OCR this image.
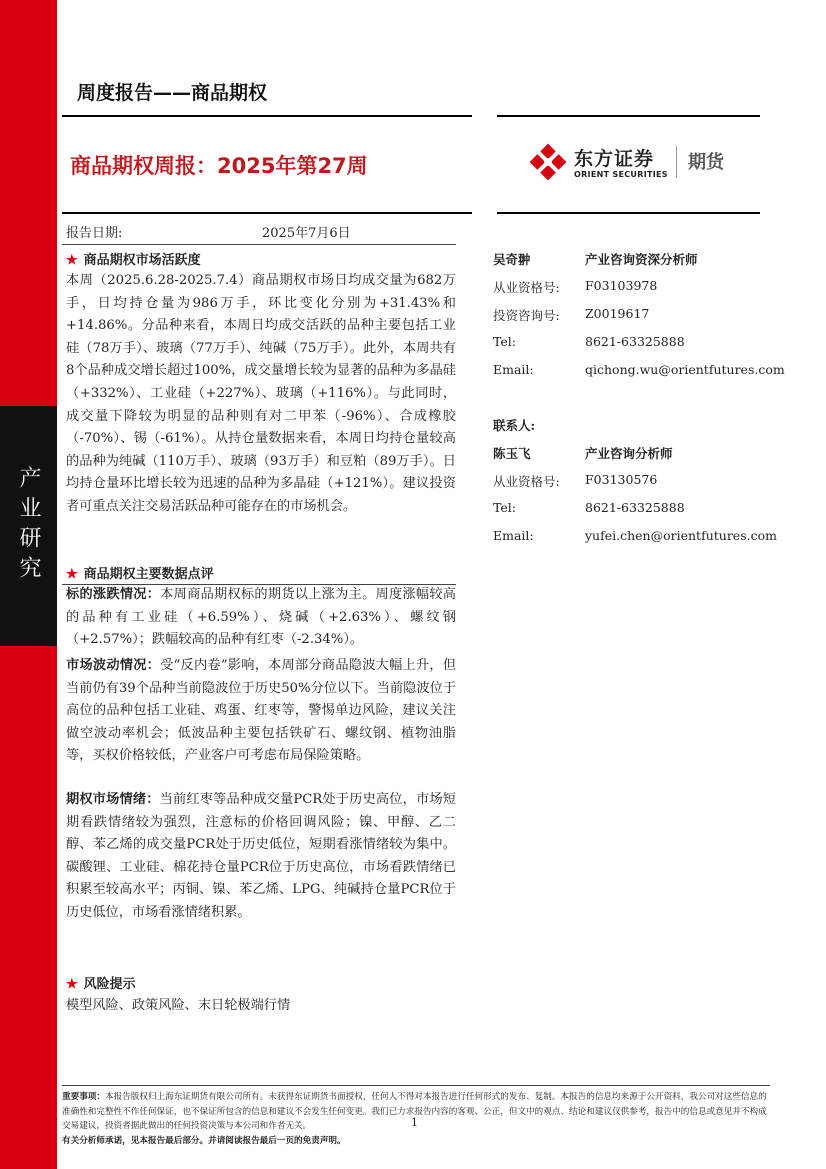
产业研究
周度报告——商品期权
商品期权周报：2025年第27周	东方证券
ORIENT SECURITIES
期货
报告日期:	2025年7月6日
★ 商品期权市场活跃度
本周（2025.6.28-2025.7.4）商品期权市场日均成交量为682万手，日均持仓量为986万手，环比变化分别为+31.43%和+14.86%。分品种来看，本周日均成交活跃的品种主要包括工业硅（78万手）、玻璃（77万手）、纯碱（75万手）。此外，本周共有8个品种成交增长超过100%，成交量增长较为显著的品种为多晶硅（+332%）、工业硅（+227%）、玻璃（+116%）。与此同时，成交量下降较为明显的品种则有对二甲苯（-96%）、合成橡胶（-70%）、锡（-61%）。从持仓量数据来看，本周日均持仓量较高的品种为纯碱（110万手）、玻璃（93万手）和豆粕（89万手）。日均持仓量环比增长较为迅速的品种为多晶硅（+121%）。建议投资者可重点关注交易活跃品种可能存在的市场机会。
★ 商品期权主要数据点评
标的涨跌情况：本周商品期权标的期货以上涨为主。周度涨幅较高的品种有工业硅（+6.59%）、烧碱（+2.63%）、螺纹钢（+2.57%）；跌幅较高的品种有红枣（-2.34%）。
市场波动情况：受“反内卷”影响，本周部分商品隐波大幅上升，但当前仍有39个品种当前隐波位于历史50%分位以下。当前隐波位于高位的品种包括工业硅、鸡蛋、红枣等，警惕单边风险，建议关注做空波动率机会；低波品种主要包括铁矿石、螺纹钢、植物油脂等，买权价格较低，产业客户可考虑布局保险策略。
期权市场情绪：当前红枣等品种成交量PCR处于历史高位，市场短期看跌情绪较为强烈，注意标的价格回调风险；镍、甲醇、乙二醇、苯乙烯的成交量PCR处于历史低位，短期看涨情绪较为集中。碳酸锂、工业硅、棉花持仓量PCR位于历史高位，市场看跌情绪已积累至较高水平；丙铜、镍、苯乙烯、LPG、纯碱持仓量PCR位于历史低位，市场看涨情绪积累。
★ 风险提示
模型风险、政策风险、末日轮极端行情
吴奇翀	产业咨询资深分析师
从业资格号: F03103978
投资咨询号: Z0019617
Tel:	8621-63325888
Email:	qichong.wu@orientfutures.com
联系人:
陈玉飞	产业咨询分析师
从业资格号: F03130576
Tel:	8621-63325888
Email:	yufei.chen@orientfutures.com
重要事项：本报告版权归上海东证期货有限公司所有。未获得东证期货书面授权，任何人不得对本报告进行任何形式的发布、复制。本报告的信息均来源于公开资料，我公司对这些信息的准确性和完整性不作任何保证，也不保证所包含的信息和建议不会发生任何变更。我们已力求报告内容的客观、公正，但文中的观点、结论和建议仅供参考，报告中的信息或意见并不构成交易建议，投资者据此做出的任何投资决策与本公司和作者无关。
有关分析师承诺，见本报告最后部分。并请阅读报告最后一页的免责声明。
1
